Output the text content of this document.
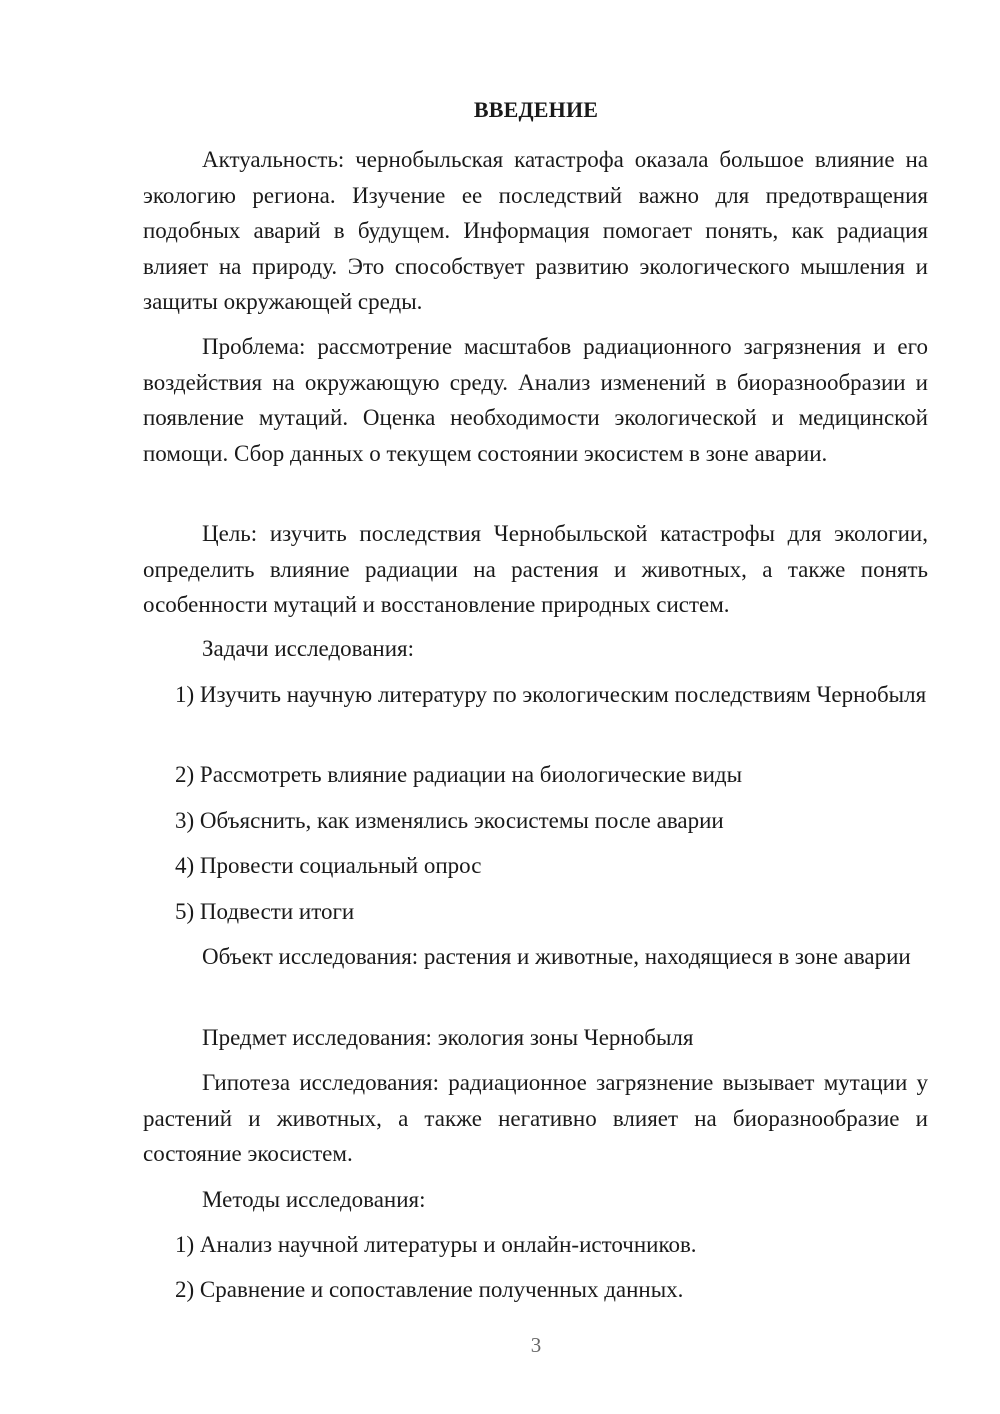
ВВЕДЕНИЕ

Актуальность: чернобыльская катастрофа оказала большое влияние на экологию региона. Изучение ее последствий важно для предотвращения подобных аварий в будущем. Информация помогает понять, как радиация влияет на природу. Это способствует развитию экологического мышления и защиты окружающей среды.

Проблема: рассмотрение масштабов радиационного загрязнения и его воздействия на окружающую среду. Анализ изменений в биоразнообразии и появление мутаций. Оценка необходимости экологической и медицинской помощи. Сбор данных о текущем состоянии экосистем в зоне аварии.

Цель: изучить последствия Чернобыльской катастрофы для экологии, определить влияние радиации на растения и животных, а также понять особенности мутаций и восстановление природных систем.

Задачи исследования:

1) Изучить научную литературу по экологическим последствиям Чернобыля

2) Рассмотреть влияние радиации на биологические виды

3) Объяснить, как изменялись экосистемы после аварии

4) Провести социальный опрос

5) Подвести итоги

Объект исследования: растения и животные, находящиеся в зоне аварии

Предмет исследования: экология зоны Чернобыля

Гипотеза исследования: радиационное загрязнение вызывает мутации у растений и животных, а также негативно влияет на биоразнообразие и состояние экосистем.

Методы исследования:

1) Анализ научной литературы и онлайн-источников.

2) Сравнение и сопоставление полученных данных.

3
